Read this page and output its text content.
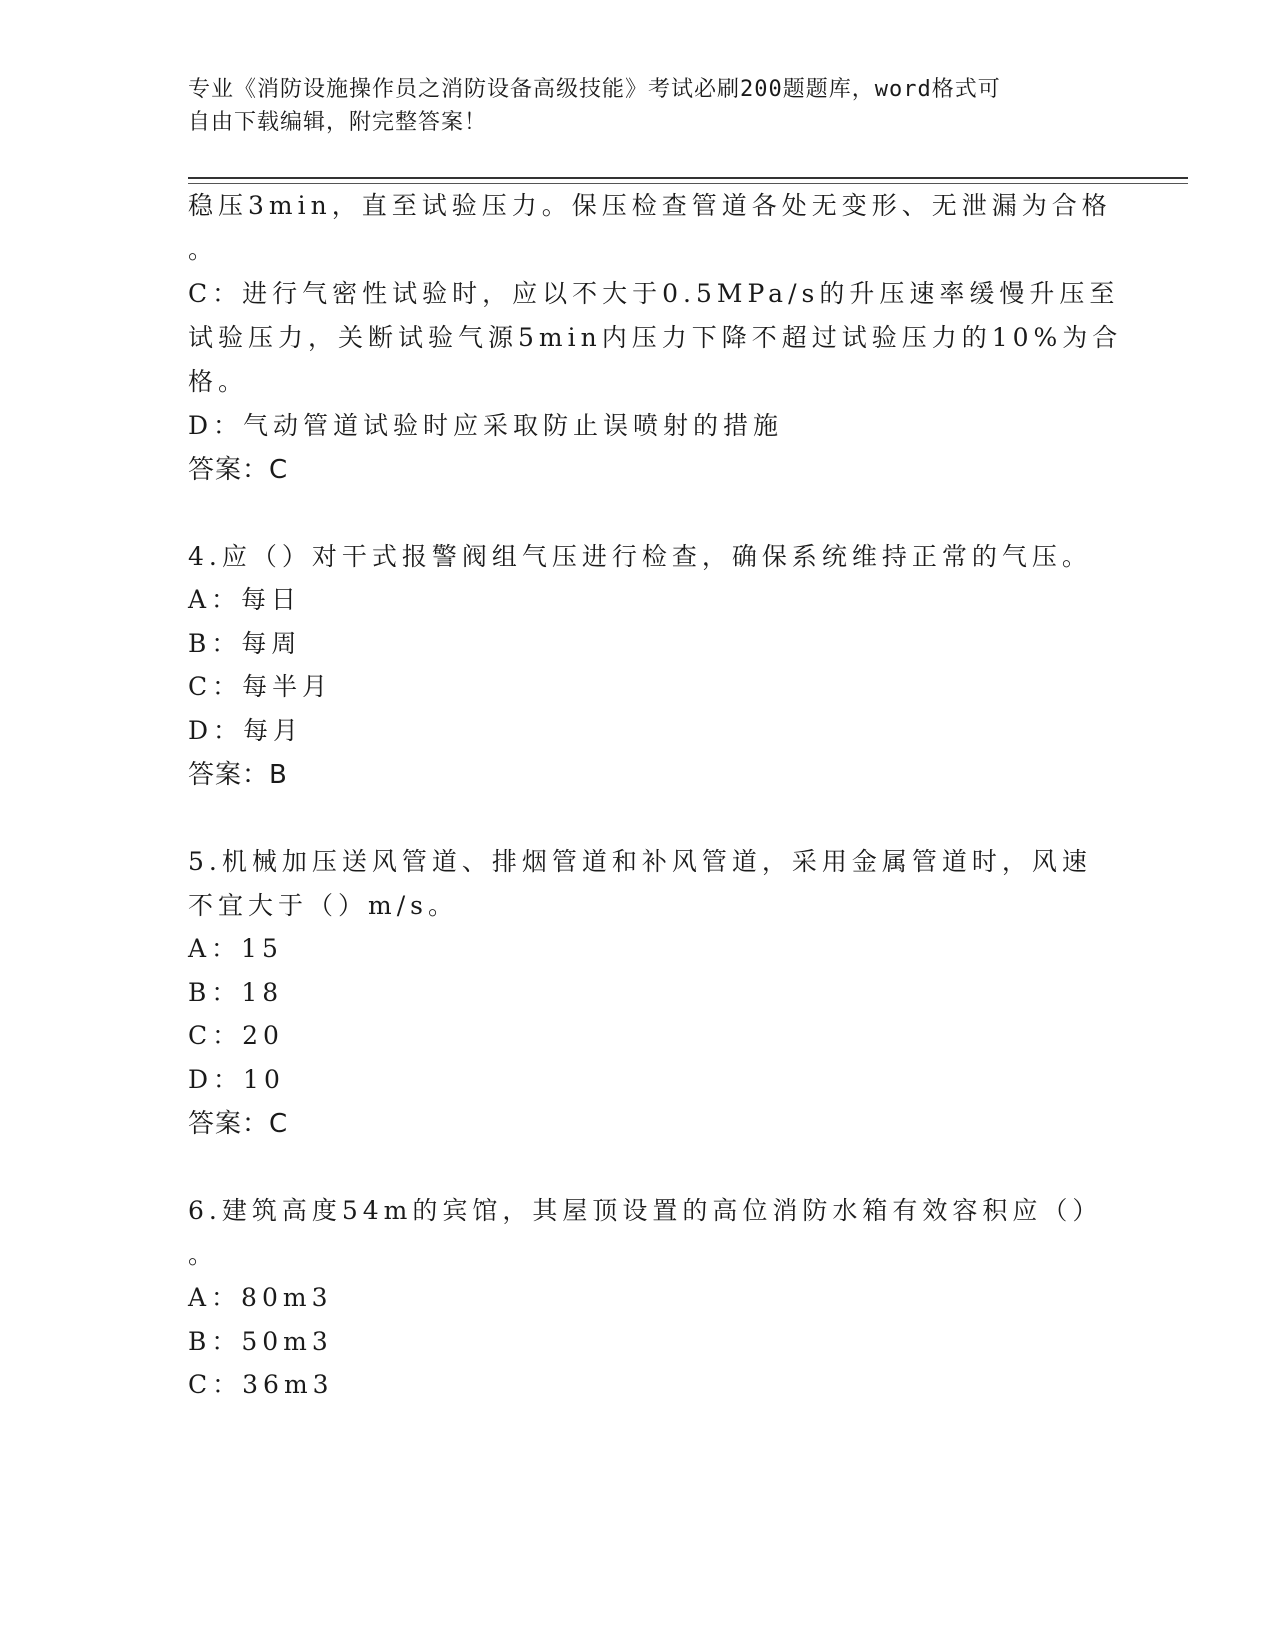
专业《消防设施操作员之消防设备高级技能》考试必刷200题题库，word格式可
自由下载编辑，附完整答案！
稳压3min，直至试验压力。保压检查管道各处无变形、无泄漏为合格
。
C：进行气密性试验时，应以不大于0.5MPa/s的升压速率缓慢升压至
试验压力，关断试验气源5min内压力下降不超过试验压力的10%为合
格。
D：气动管道试验时应采取防止误喷射的措施
答案：C
4.应（）对干式报警阀组气压进行检查，确保系统维持正常的气压。
A：每日
B：每周
C：每半月
D：每月
答案：B
5.机械加压送风管道、排烟管道和补风管道，采用金属管道时，风速
不宜大于（）m/s。
A：15
B：18
C：20
D：10
答案：C
6.建筑高度54m的宾馆，其屋顶设置的高位消防水箱有效容积应（）
。
A：80m3
B：50m3
C：36m3
